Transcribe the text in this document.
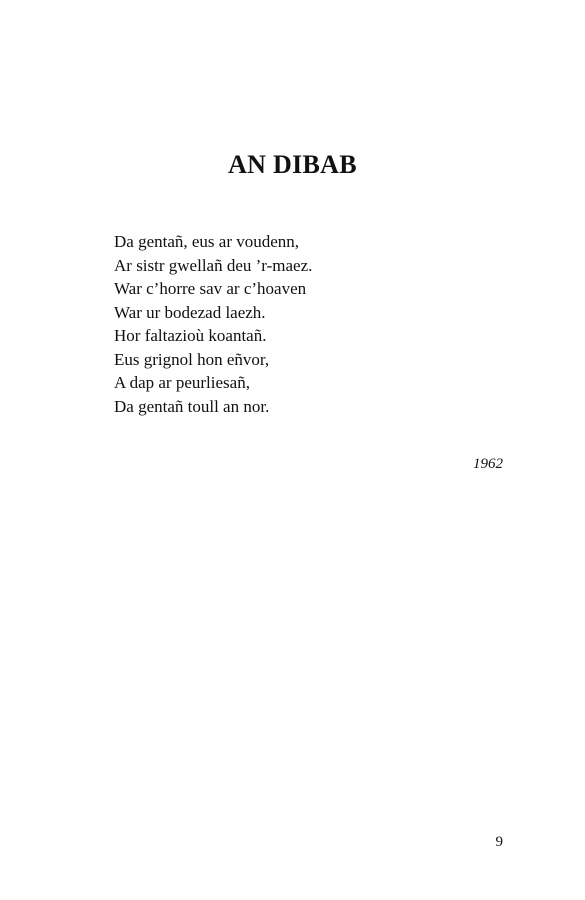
AN DIBAB
Da gentañ, eus ar voudenn,
Ar sistr gwellañ deu ’r-maez.
War c’horre sav ar c’hoaven
War ur bodezad laezh.
Hor faltazioù koantañ.
Eus grignol hon eñvor,
A dap ar peurliesañ,
Da gentañ toull an nor.
1962
9
